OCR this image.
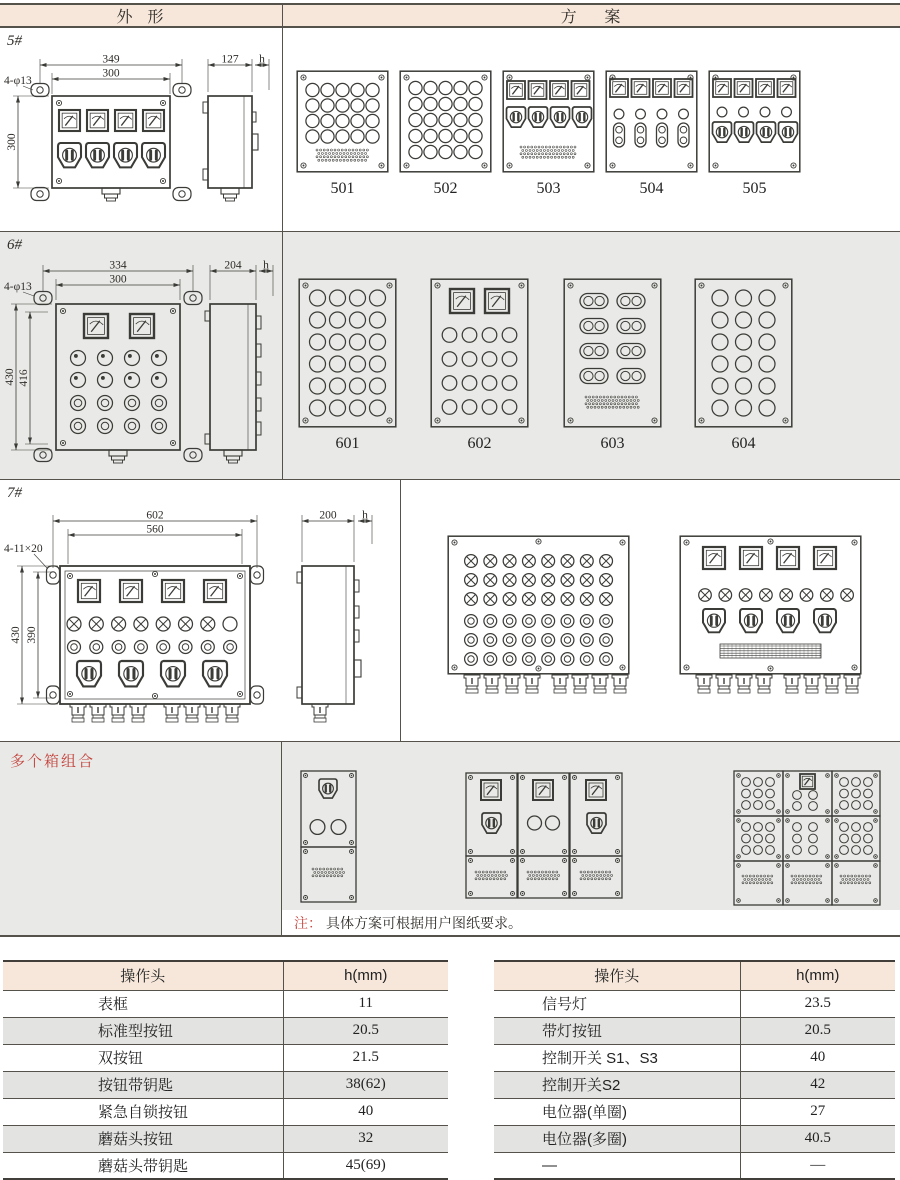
外  形	方    案
5#
349
300
4-φ13
300
127 h
501	502	503	504	505
6#
334
300
4-φ13
430 416
204 h
601	602	603	604
7#
602
560
4-11×20
430 390
200 h
多个箱组合
注： 具体方案可根据用户图纸要求。
操作头	h(mm)
表框	11
标准型按钮	20.5
双按钮	21.5
按钮带钥匙	38(62)
紧急自锁按钮	40
蘑菇头按钮	32
蘑菇头带钥匙	45(69)
操作头	h(mm)
信号灯	23.5
带灯按钮	20.5
控制开关 S1、S3	40
控制开关S2	42
电位器(单圈)	27
电位器(多圈)	40.5
—	—
